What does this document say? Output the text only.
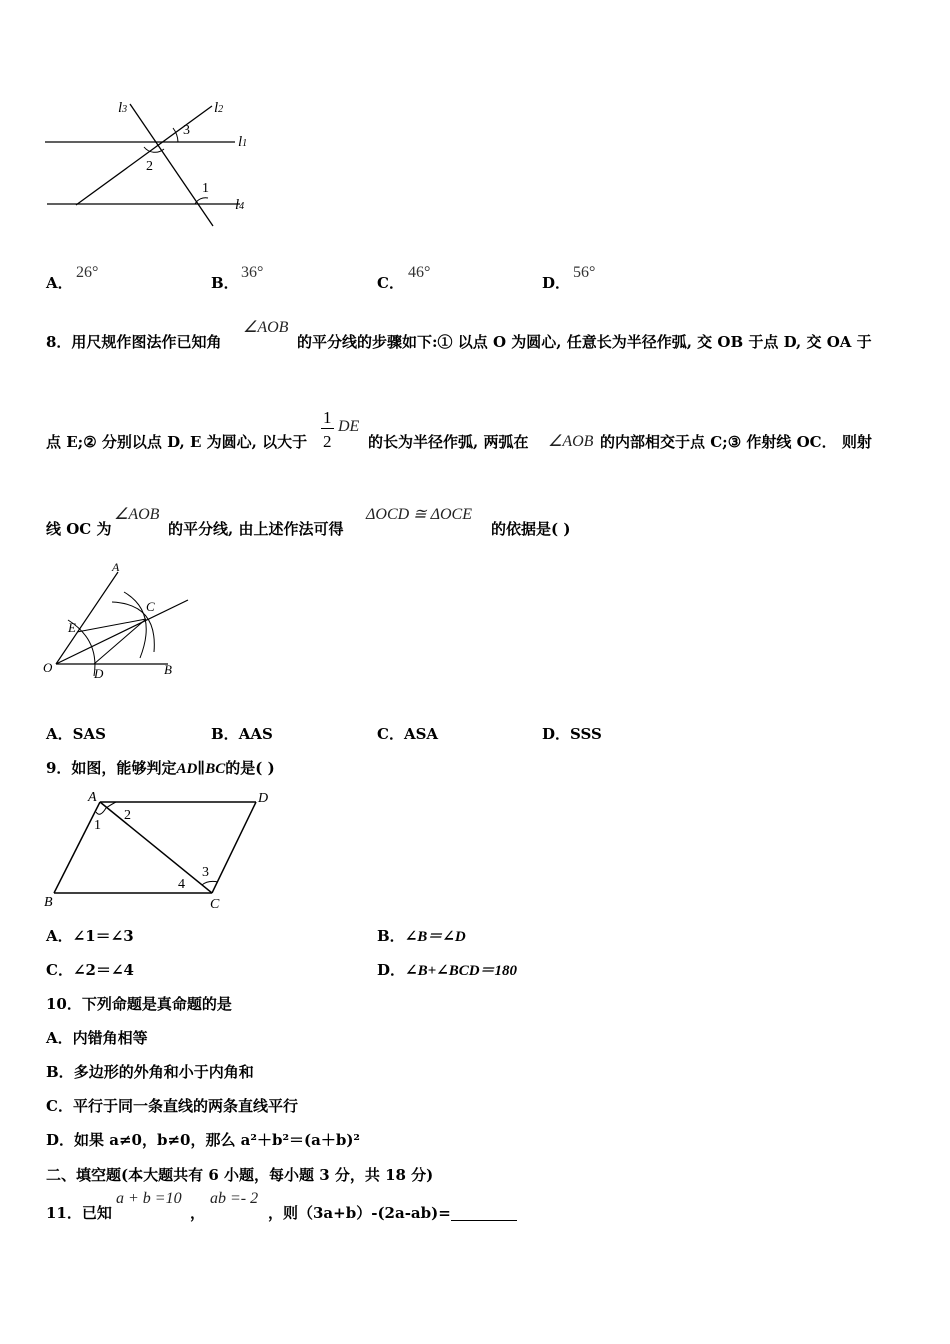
l3	l2
l1
l4
3
2
1
A．
26°
B．
36°
C．
46°
D．
56°
8．用尺规作图法作已知角
∠AOB
的平分线的步骤如下:① 以点 O 为圆心, 任意长为半径作弧, 交 OB 于点 D, 交 OA 于
点 E;② 分别以点 D, E 为圆心, 以大于
1
2
DE
的长为半径作弧, 两弧在 ∠AOB 的内部相交于点 C;③ 作射线 OC． 则射
线 OC 为
∠AOB
的平分线, 由上述作法可得
ΔOCD ≅ ΔOCE
的依据是( )
A
C
E
O	D	B
A．SAS	B．AAS	C．ASA	D．SSS
9．如图，能够判定AD∥BC的是( )
A	D
B	C
1
2
3
4
A．∠1＝∠3	B．∠B＝∠D
C．∠2＝∠4	D．∠B+∠BCD＝180
10．下列命题是真命题的是
A．内错角相等
B．多边形的外角和小于内角和
C．平行于同一条直线的两条直线平行
D．如果 a≠0，b≠0，那么 a²＋b²＝(a＋b)²
二、填空题(本大题共有 6 小题，每小题 3 分，共 18 分)
11．已知
a + b =10
，
ab =- 2
，则（3a+b）-(2a-ab)=
